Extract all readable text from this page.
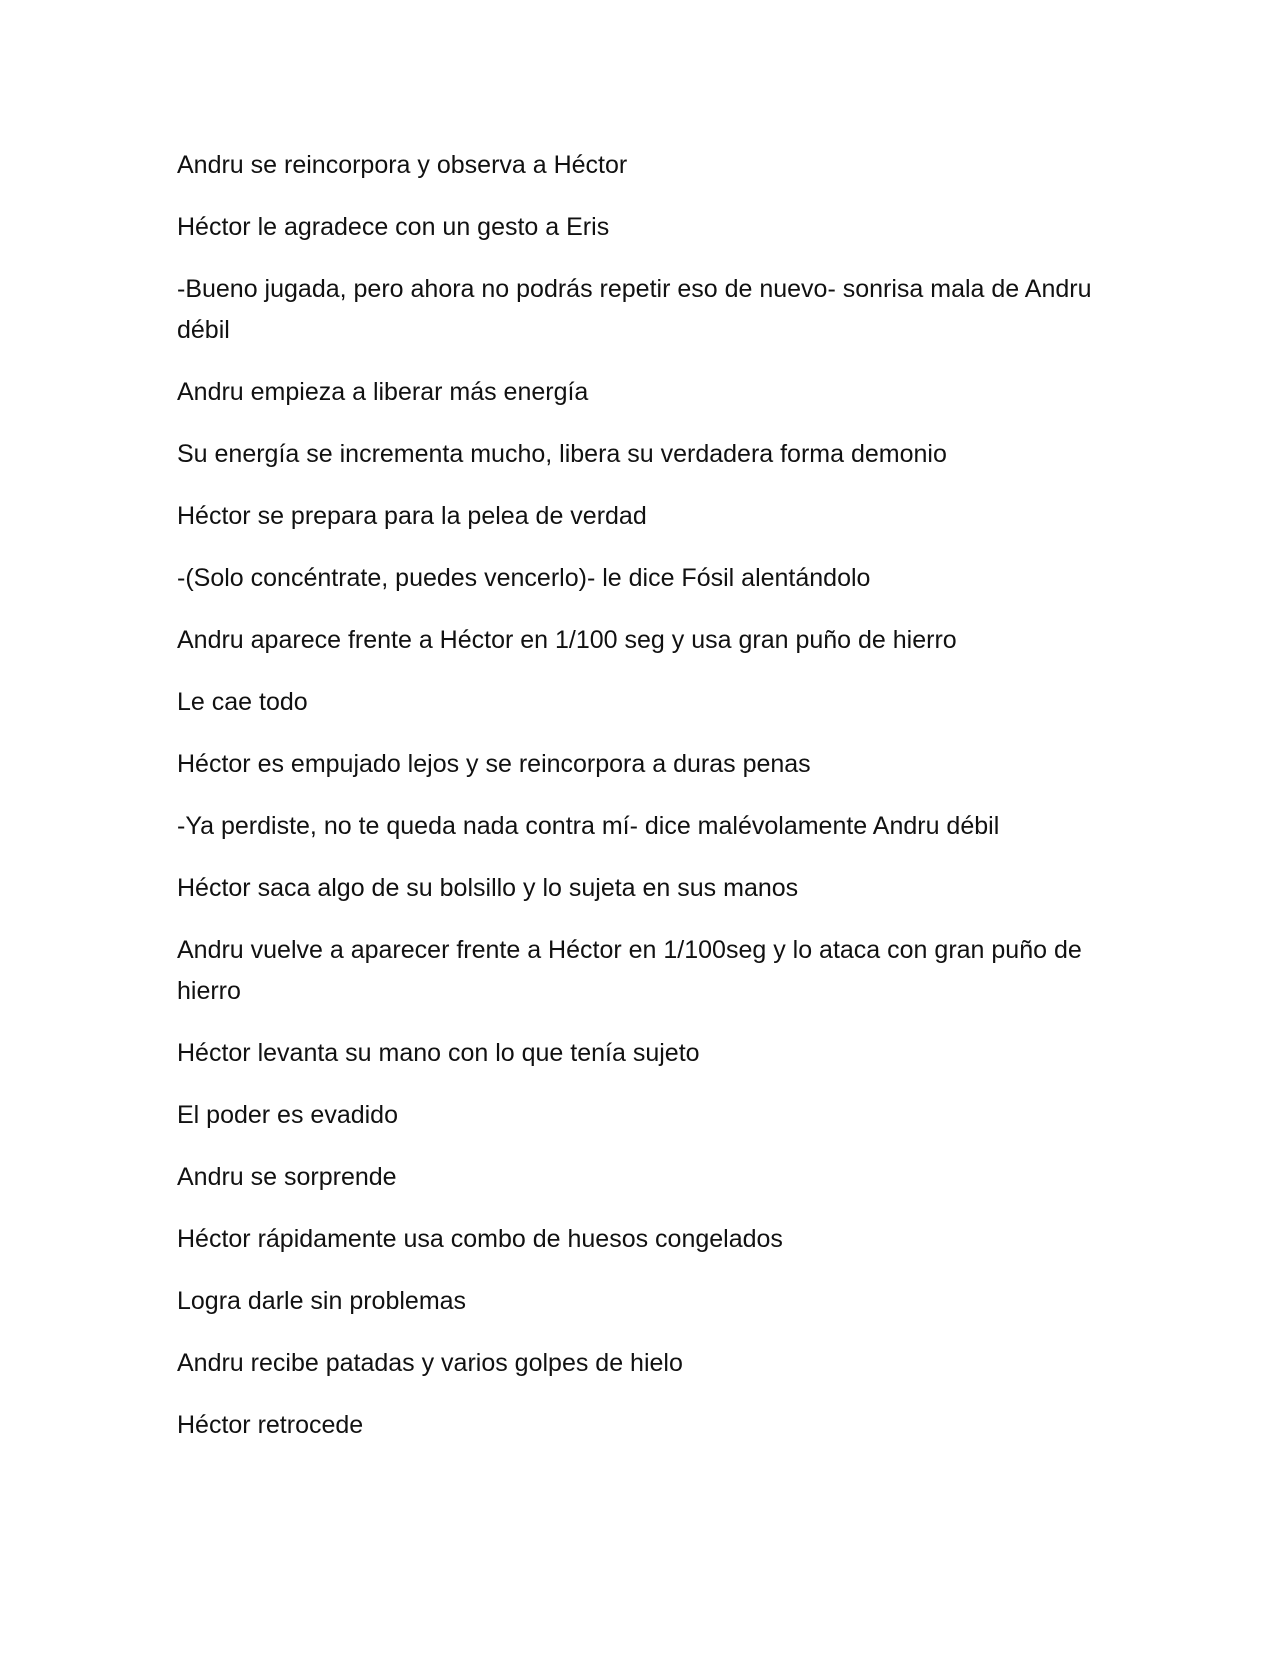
Andru se reincorpora y observa a Héctor

Héctor le agradece con un gesto a Eris

-Bueno jugada, pero ahora no podrás repetir eso de nuevo- sonrisa mala de Andru débil

Andru empieza a liberar más energía

Su energía se incrementa mucho, libera su verdadera forma demonio

Héctor se prepara para la pelea de verdad

-(Solo concéntrate, puedes vencerlo)- le dice Fósil alentándolo

Andru aparece frente a Héctor en 1/100 seg y usa gran puño de hierro

Le cae todo

Héctor es empujado lejos y se reincorpora a duras penas

-Ya perdiste, no te queda nada contra mí- dice malévolamente Andru débil

Héctor saca algo de su bolsillo y lo sujeta en sus manos

Andru vuelve a aparecer frente a Héctor en 1/100seg y lo ataca con gran puño de hierro

Héctor levanta su mano con lo que tenía sujeto

El poder es evadido

Andru se sorprende

Héctor rápidamente usa combo de huesos congelados

Logra darle sin problemas

Andru recibe patadas y varios golpes de hielo

Héctor retrocede
